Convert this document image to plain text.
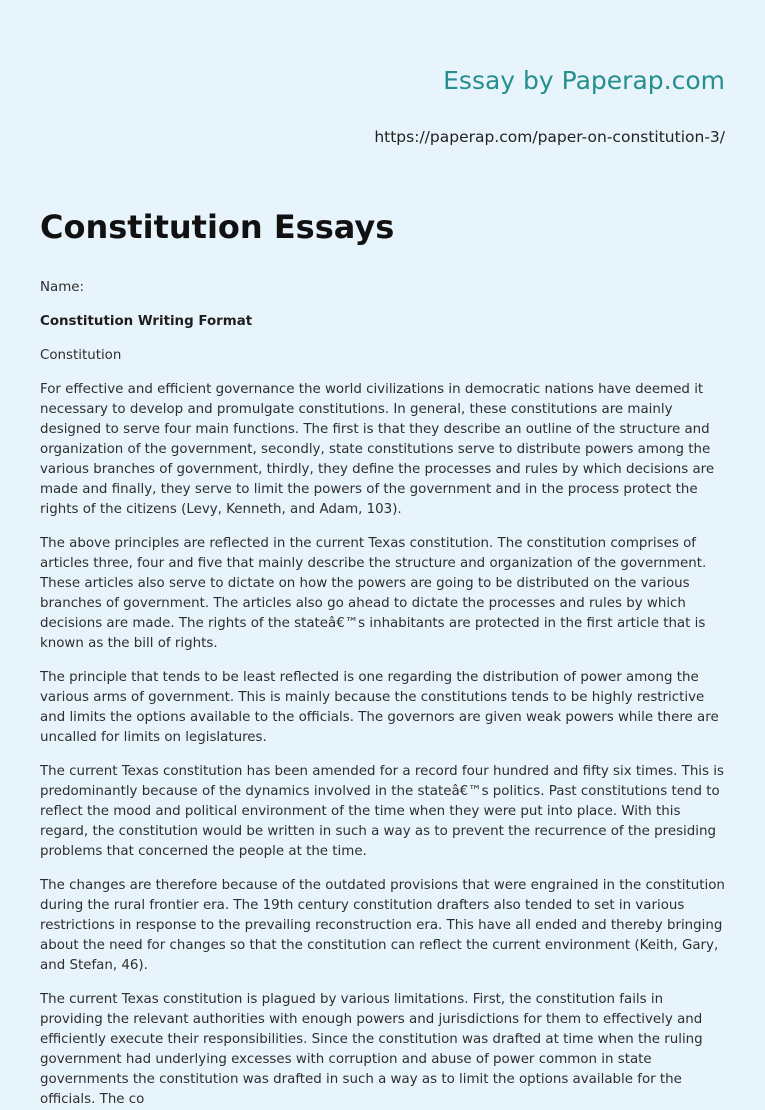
Essay by Paperap.com
https://paperap.com/paper-on-constitution-3/
Constitution Essays

Name:

Constitution Writing Format

Constitution

For effective and efficient governance the world civilizations in democratic nations have deemed it necessary to develop and promulgate constitutions. In general, these constitutions are mainly designed to serve four main functions. The first is that they describe an outline of the structure and organization of the government, secondly, state constitutions serve to distribute powers among the various branches of government, thirdly, they define the processes and rules by which decisions are made and finally, they serve to limit the powers of the government and in the process protect the rights of the citizens (Levy, Kenneth, and Adam, 103).

The above principles are reflected in the current Texas constitution. The constitution comprises of articles three, four and five that mainly describe the structure and organization of the government. These articles also serve to dictate on how the powers are going to be distributed on the various branches of government. The articles also go ahead to dictate the processes and rules by which decisions are made. The rights of the stateâ€™s inhabitants are protected in the first article that is known as the bill of rights.

The principle that tends to be least reflected is one regarding the distribution of power among the various arms of government. This is mainly because the constitutions tends to be highly restrictive and limits the options available to the officials. The governors are given weak powers while there are uncalled for limits on legislatures.

The current Texas constitution has been amended for a record four hundred and fifty six times. This is predominantly because of the dynamics involved in the stateâ€™s politics. Past constitutions tend to reflect the mood and political environment of the time when they were put into place. With this regard, the constitution would be written in such a way as to prevent the recurrence of the presiding problems that concerned the people at the time.

The changes are therefore because of the outdated provisions that were engrained in the constitution during the rural frontier era. The 19th century constitution drafters also tended to set in various restrictions in response to the prevailing reconstruction era. This have all ended and thereby bringing about the need for changes so that the constitution can reflect the current environment (Keith, Gary, and Stefan, 46).

The current Texas constitution is plagued by various limitations. First, the constitution fails in providing the relevant authorities with enough powers and jurisdictions for them to effectively and efficiently execute their responsibilities. Since the constitution was drafted at time when the ruling government had underlying excesses with corruption and abuse of power common in state governments the constitution was drafted in such a way as to limit the options available for the officials. The co
